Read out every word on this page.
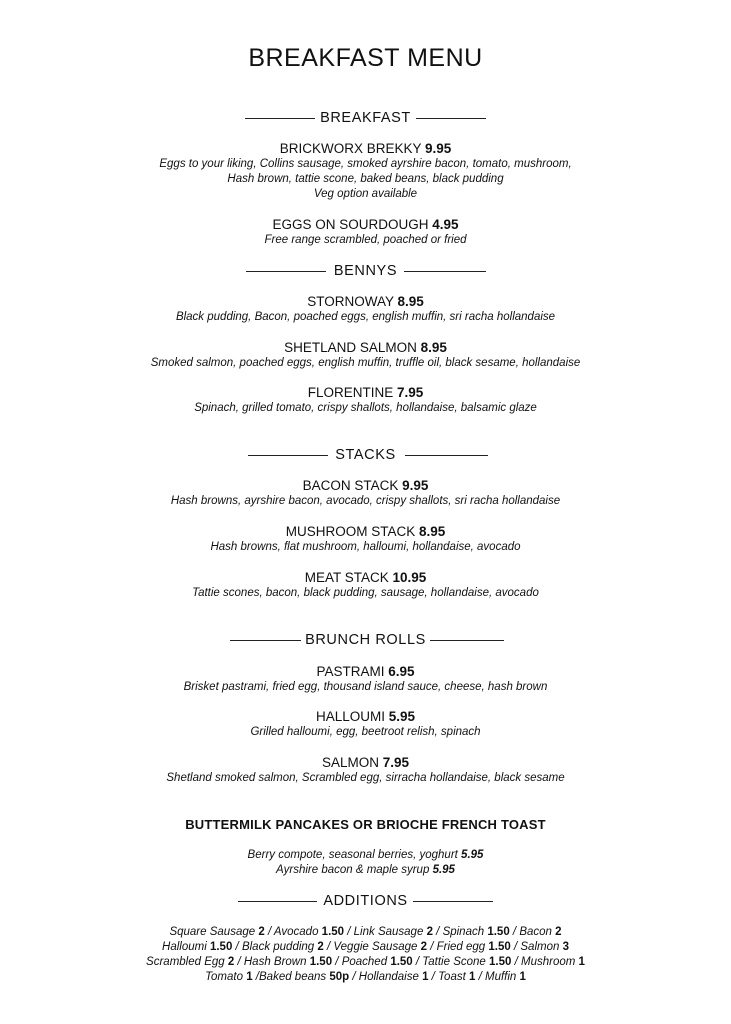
BREAKFAST MENU
BREAKFAST
BRICKWORX BREKKY 9.95
Eggs to your liking, Collins sausage, smoked ayrshire bacon, tomato, mushroom,
Hash brown, tattie scone, baked beans, black pudding
Veg option available
EGGS ON SOURDOUGH 4.95
Free range scrambled, poached or fried
BENNYS
STORNOWAY 8.95
Black pudding, Bacon, poached eggs, english muffin, sri racha hollandaise
SHETLAND SALMON 8.95
Smoked salmon, poached eggs, english muffin, truffle oil, black sesame, hollandaise
FLORENTINE 7.95
Spinach, grilled tomato, crispy shallots, hollandaise, balsamic glaze
STACKS
BACON STACK 9.95
Hash browns, ayrshire bacon, avocado, crispy shallots, sri racha hollandaise
MUSHROOM STACK 8.95
Hash browns, flat mushroom, halloumi, hollandaise, avocado
MEAT STACK 10.95
Tattie scones, bacon, black pudding, sausage, hollandaise, avocado
BRUNCH ROLLS
PASTRAMI 6.95
Brisket pastrami, fried egg, thousand island sauce, cheese, hash brown
HALLOUMI 5.95
Grilled halloumi, egg, beetroot relish, spinach
SALMON 7.95
Shetland smoked salmon, Scrambled egg, sirracha hollandaise, black sesame
BUTTERMILK PANCAKES OR BRIOCHE FRENCH TOAST
Berry compote, seasonal berries, yoghurt 5.95
Ayrshire bacon & maple syrup 5.95
ADDITIONS
Square Sausage 2 / Avocado 1.50 / Link Sausage 2 / Spinach 1.50 / Bacon 2
Halloumi 1.50 / Black pudding 2 / Veggie Sausage 2 / Fried egg 1.50 / Salmon 3
Scrambled Egg 2 / Hash Brown 1.50 / Poached 1.50 / Tattie Scone 1.50 / Mushroom 1
Tomato 1 /Baked beans 50p / Hollandaise 1 / Toast 1 / Muffin 1
